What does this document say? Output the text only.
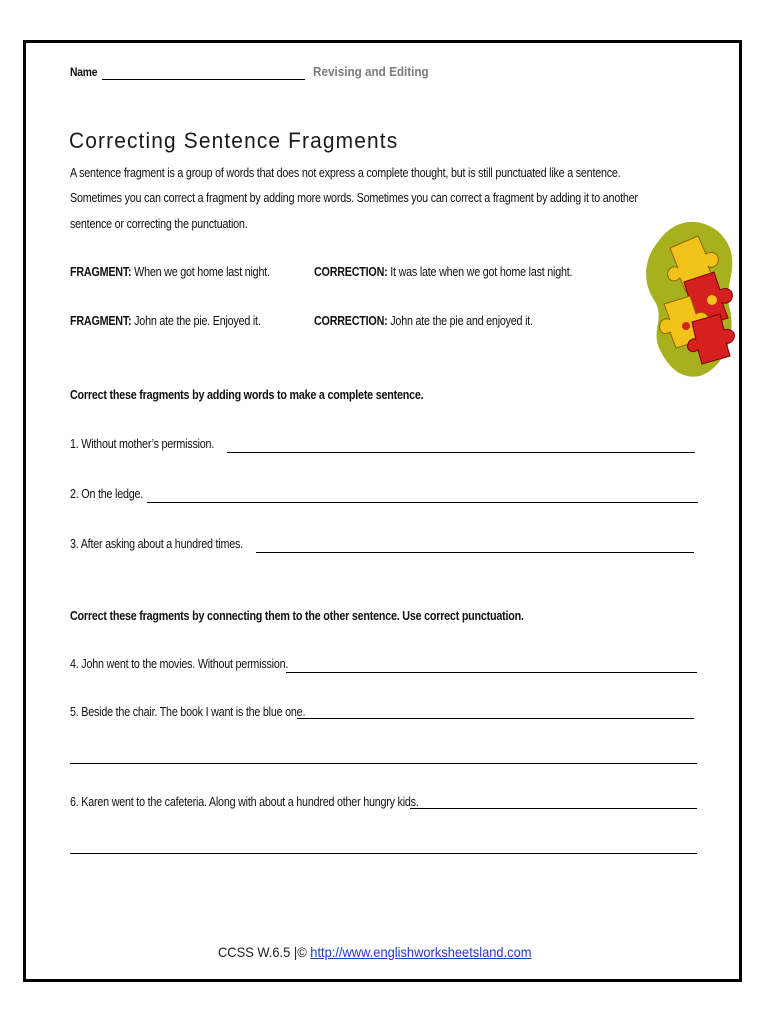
Name	Revising and Editing
Correcting Sentence Fragments
A sentence fragment is a group of words that does not express a complete thought, but is still punctuated like a sentence.
Sometimes you can correct a fragment by adding more words. Sometimes you can correct a fragment by adding it to another
sentence or correcting the punctuation.
FRAGMENT: When we got home last night.	CORRECTION: It was late when we got home last night.
FRAGMENT: John ate the pie. Enjoyed it.	CORRECTION: John ate the pie and enjoyed it.
Correct these fragments by adding words to make a complete sentence.
1. Without mother’s permission.
2. On the ledge.
3. After asking about a hundred times.
Correct these fragments by connecting them to the other sentence. Use correct punctuation.
4. John went to the movies. Without permission.
5. Beside the chair. The book I want is the blue one.
6. Karen went to the cafeteria. Along with about a hundred other hungry kids.
CCSS W.6.5 |© http://www.englishworksheetsland.com
